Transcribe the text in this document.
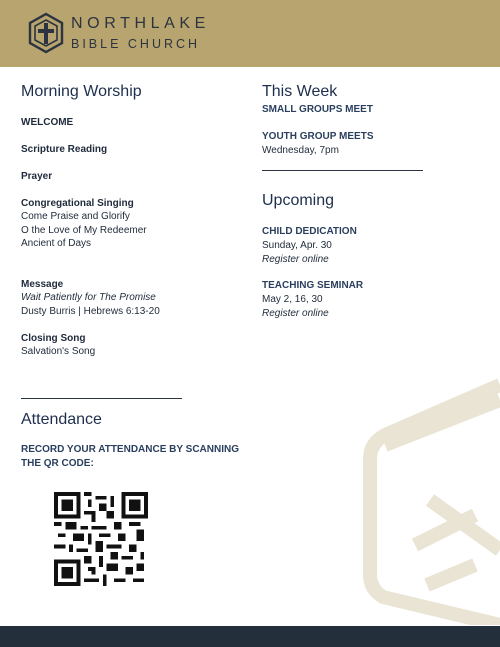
NORTHLAKE
BIBLE CHURCH
Morning Worship
WELCOME
Scripture Reading
Prayer
Congregational Singing
Come Praise and Glorify
O the Love of My Redeemer
Ancient of Days
Message
Wait Patiently for The Promise
Dusty Burris | Hebrews 6:13-20
Closing Song
Salvation's Song
Attendance
RECORD YOUR ATTENDANCE BY SCANNING
THE QR CODE:
This Week
SMALL GROUPS MEET
YOUTH GROUP MEETS
Wednesday, 7pm
Upcoming
CHILD DEDICATION
Sunday, Apr. 30
Register online
TEACHING SEMINAR
May 2, 16, 30
Register online
